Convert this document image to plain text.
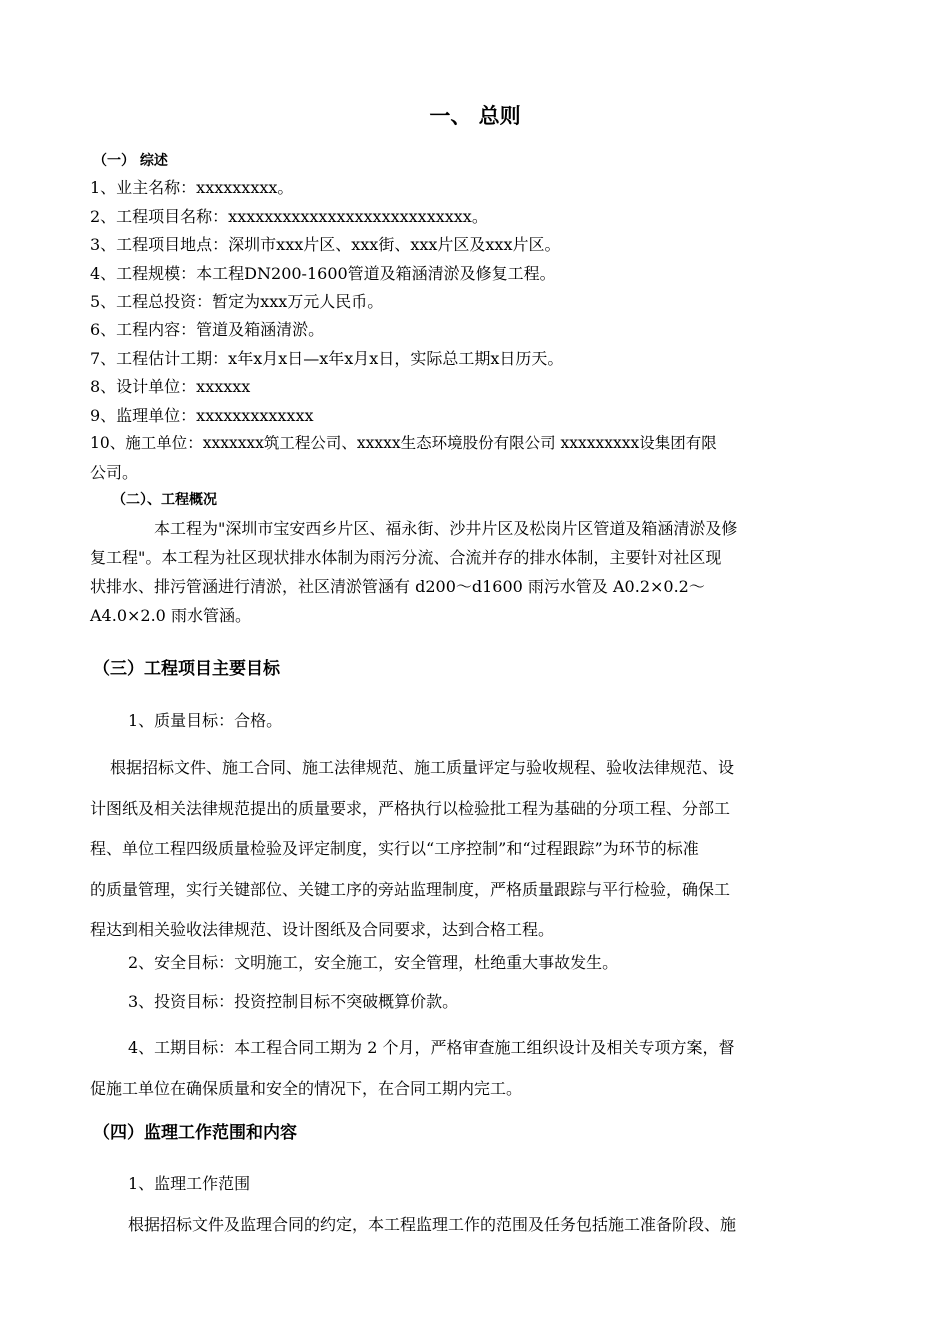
一、 总则
（一） 综述
1、业主名称：xxxxxxxxx。
2、工程项目名称：xxxxxxxxxxxxxxxxxxxxxxxxxxx。
3、工程项目地点：深圳市xxx片区、xxx街、xxx片区及xxx片区。
4、工程规模：本工程DN200-1600管道及箱涵清淤及修复工程。
5、工程总投资：暂定为xxx万元人民币。
6、工程内容：管道及箱涵清淤。
7、工程估计工期：x年x月x日—x年x月x日，实际总工期x日历天。
8、设计单位：xxxxxx
9、监理单位：xxxxxxxxxxxxx
10、施工单位：xxxxxxx筑工程公司、xxxxx生态环境股份有限公司 xxxxxxxxx设集团有限
公司。
（二）、工程概况
本工程为"深圳市宝安西乡片区、福永街、沙井片区及松岗片区管道及箱涵清淤及修
复工程"。本工程为社区现状排水体制为雨污分流、合流并存的排水体制，主要针对社区现
状排水、排污管涵进行清淤，社区清淤管涵有 d200～d1600 雨污水管及 A0.2×0.2～
A4.0×2.0 雨水管涵。
（三）工程项目主要目标
1、质量目标：合格。
根据招标文件、施工合同、施工法律规范、施工质量评定与验收规程、验收法律规范、设
计图纸及相关法律规范提出的质量要求，严格执行以检验批工程为基础的分项工程、分部工
程、单位工程四级质量检验及评定制度，实行以“工序控制”和“过程跟踪”为环节的标准
的质量管理，实行关键部位、关键工序的旁站监理制度，严格质量跟踪与平行检验，确保工
程达到相关验收法律规范、设计图纸及合同要求，达到合格工程。
2、安全目标：文明施工，安全施工，安全管理，杜绝重大事故发生。
3、投资目标：投资控制目标不突破概算价款。
4、工期目标：本工程合同工期为 2 个月，严格审查施工组织设计及相关专项方案，督
促施工单位在确保质量和安全的情况下，在合同工期内完工。
（四）监理工作范围和内容
1、监理工作范围
根据招标文件及监理合同的约定，本工程监理工作的范围及任务包括施工准备阶段、施
